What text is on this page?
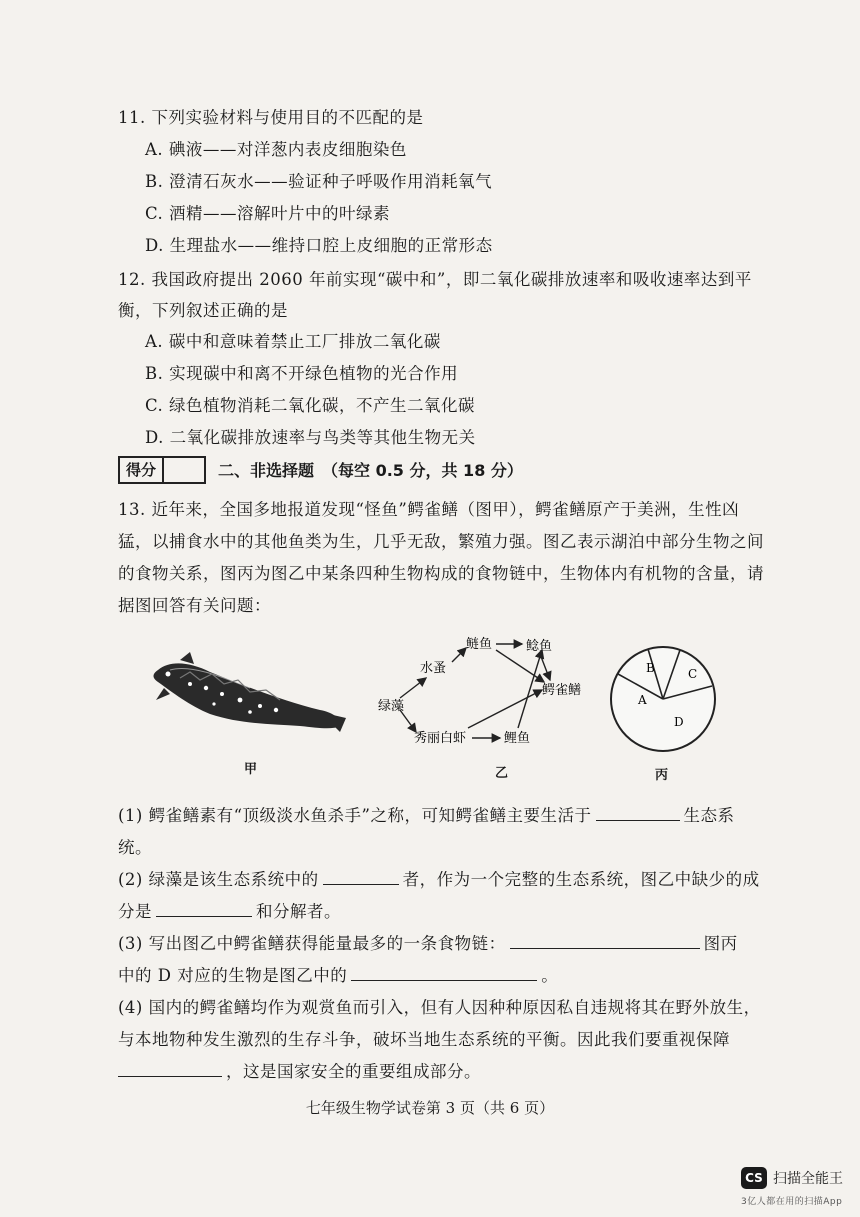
11. 下列实验材料与使用目的不匹配的是
A. 碘液——对洋葱内表皮细胞染色
B. 澄清石灰水——验证种子呼吸作用消耗氧气
C. 酒精——溶解叶片中的叶绿素
D. 生理盐水——维持口腔上皮细胞的正常形态
12. 我国政府提出 2060 年前实现“碳中和”，即二氧化碳排放速率和吸收速率达到平
衡，下列叙述正确的是
A. 碳中和意味着禁止工厂排放二氧化碳
B. 实现碳中和离不开绿色植物的光合作用
C. 绿色植物消耗二氧化碳，不产生二氧化碳
D. 二氧化碳排放速率与鸟类等其他生物无关
得分	二、非选择题　（每空 0.5 分，共 18 分）
13. 近年来，全国多地报道发现“怪鱼”鳄雀鳝（图甲），鳄雀鳝原产于美洲，生性凶
猛，以捕食水中的其他鱼类为生，几乎无敌，繁殖力强。图乙表示湖泊中部分生物之间
的食物关系，图丙为图乙中某条四种生物构成的食物链中，生物体内有机物的含量，请
据图回答有关问题：
甲
绿藻
水蚤
鲢鱼	鲶鱼
鳄雀鳝
秀丽白虾	鲤鱼
乙
A
B	C
D
丙
(1) 鳄雀鳝素有“顶级淡水鱼杀手”之称，可知鳄雀鳝主要生活于	生态系
统。
(2) 绿藻是该生态系统中的	者，作为一个完整的生态系统，图乙中缺少的成
分是	和分解者。
(3) 写出图乙中鳄雀鳝获得能量最多的一条食物链：	图丙
中的 D 对应的生物是图乙中的	。
(4) 国内的鳄雀鳝均作为观赏鱼而引入，但有人因种种原因私自违规将其在野外放生，
与本地物种发生激烈的生存斗争，破坏当地生态系统的平衡。因此我们要重视保障
，这是国家安全的重要组成部分。
七年级生物学试卷第 3 页（共 6 页）
CS 扫描全能王
3亿人都在用的扫描App
